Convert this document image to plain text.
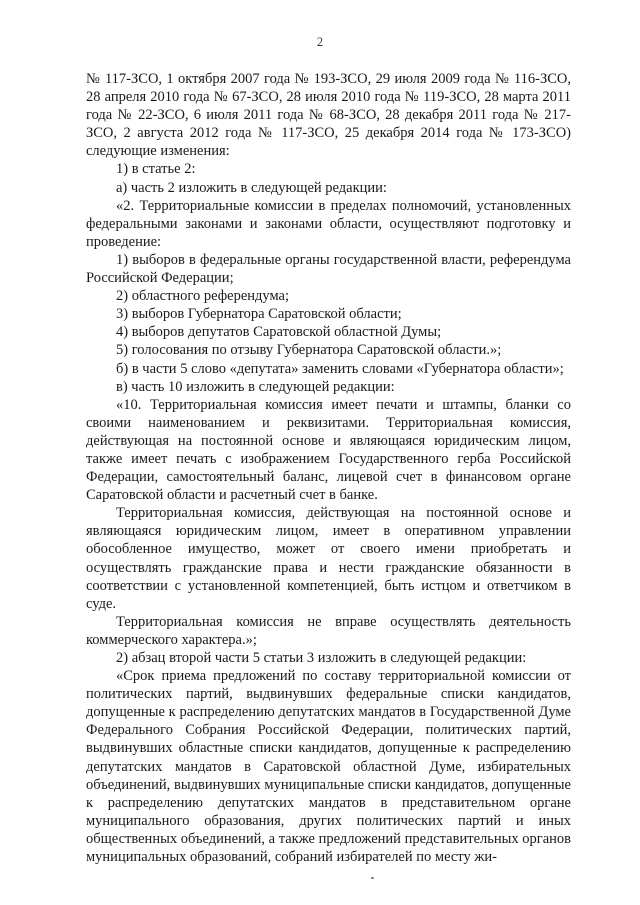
2

№ 117-ЗСО, 1 октября 2007 года № 193-ЗСО, 29 июля 2009 года № 116-ЗСО, 28 апреля 2010 года № 67-ЗСО, 28 июля 2010 года № 119-ЗСО, 28 марта 2011 года № 22-ЗСО, 6 июля 2011 года № 68-ЗСО, 28 декабря 2011 года № 217-ЗСО, 2 августа 2012 года № 117-ЗСО, 25 декабря 2014 года № 173-ЗСО) следующие изменения:

1) в статье 2:

а) часть 2 изложить в следующей редакции:

«2. Территориальные комиссии в пределах полномочий, установленных федеральными законами и законами области, осуществляют подготовку и проведение:

1) выборов в федеральные органы государственной власти, референдума Российской Федерации;

2) областного референдума;

3) выборов Губернатора Саратовской области;

4) выборов депутатов Саратовской областной Думы;

5) голосования по отзыву Губернатора Саратовской области.»;

б) в части 5 слово «депутата» заменить словами «Губернатора области»;

в) часть 10 изложить в следующей редакции:

«10. Территориальная комиссия имеет печати и штампы, бланки со своими наименованием и реквизитами. Территориальная комиссия, действующая на постоянной основе и являющаяся юридическим лицом, также имеет печать с изображением Государственного герба Российской Федерации, самостоятельный баланс, лицевой счет в финансовом органе Саратовской области и расчетный счет в банке.

Территориальная комиссия, действующая на постоянной основе и являющаяся юридическим лицом, имеет в оперативном управлении обособленное имущество, может от своего имени приобретать и осуществлять гражданские права и нести гражданские обязанности в соответствии с установленной компетенцией, быть истцом и ответчиком в суде.

Территориальная комиссия не вправе осуществлять деятельность коммерческого характера.»;

2) абзац второй части 5 статьи 3 изложить в следующей редакции:

«Срок приема предложений по составу территориальной комиссии от политических партий, выдвинувших федеральные списки кандидатов, допущенные к распределению депутатских мандатов в Государственной Думе Федерального Собрания Российской Федерации, политических партий, выдвинувших областные списки кандидатов, допущенные к распределению депутатских мандатов в Саратовской областной Думе, избирательных объединений, выдвинувших муниципальные списки кандидатов, допущенные к распределению депутатских мандатов в представительном органе муниципального образования, других политических партий и иных общественных объединений, а также предложений представительных органов муниципальных образований, собраний избирателей по месту жи-
